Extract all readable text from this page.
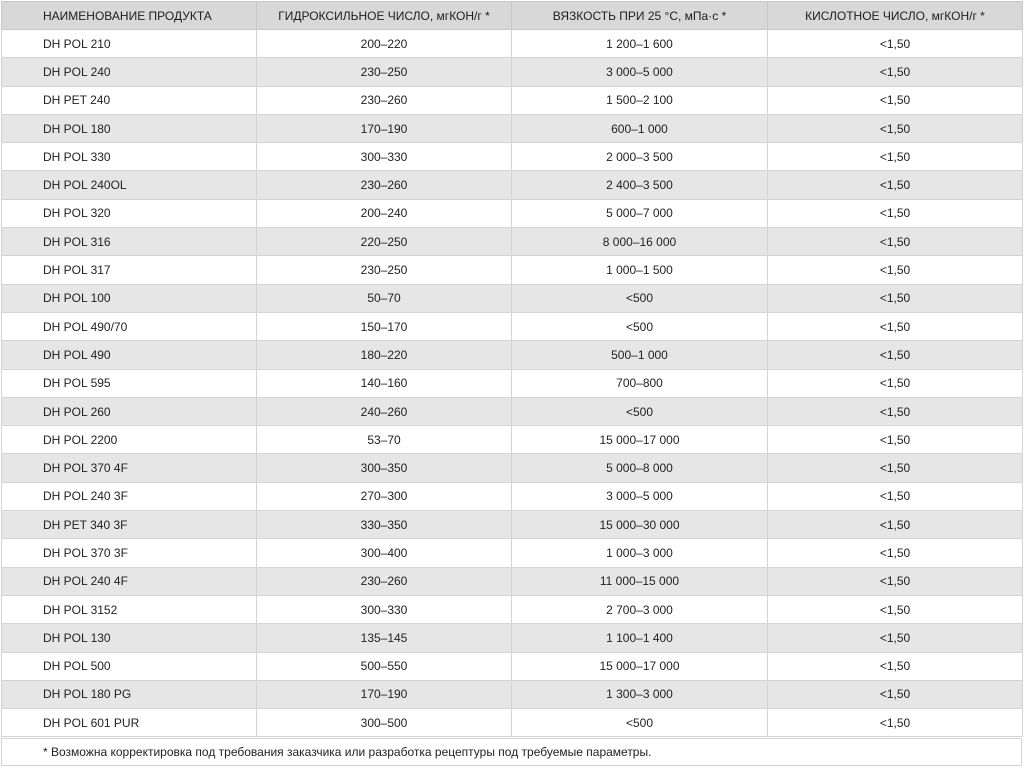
НАИМЕНОВАНИЕ ПРОДУКТА	ГИДРОКСИЛЬНОЕ ЧИСЛО, мгКОН/г *	ВЯЗКОСТЬ ПРИ 25 °С, мПа·с *	КИСЛОТНОЕ ЧИСЛО, мгКОН/г *
DH POL 210	200–220	1 200–1 600	<1,50
DH POL 240	230–250	3 000–5 000	<1,50
DH PET 240	230–260	1 500–2 100	<1,50
DH POL 180	170–190	600–1 000	<1,50
DH POL 330	300–330	2 000–3 500	<1,50
DH POL 240OL	230–260	2 400–3 500	<1,50
DH POL 320	200–240	5 000–7 000	<1,50
DH POL 316	220–250	8 000–16 000	<1,50
DH POL 317	230–250	1 000–1 500	<1,50
DH POL 100	50–70	<500	<1,50
DH POL 490/70	150–170	<500	<1,50
DH POL 490	180–220	500–1 000	<1,50
DH POL 595	140–160	700–800	<1,50
DH POL 260	240–260	<500	<1,50
DH POL 2200	53–70	15 000–17 000	<1,50
DH POL 370 4F	300–350	5 000–8 000	<1,50
DH POL 240 3F	270–300	3 000–5 000	<1,50
DH PET 340 3F	330–350	15 000–30 000	<1,50
DH POL 370 3F	300–400	1 000–3 000	<1,50
DH POL 240 4F	230–260	11 000–15 000	<1,50
DH POL 3152	300–330	2 700–3 000	<1,50
DH POL 130	135–145	1 100–1 400	<1,50
DH POL 500	500–550	15 000–17 000	<1,50
DH POL 180 PG	170–190	1 300–3 000	<1,50
DH POL 601 PUR	300–500	<500	<1,50
* Возможна корректировка под требования заказчика или разработка рецептуры под требуемые параметры.
